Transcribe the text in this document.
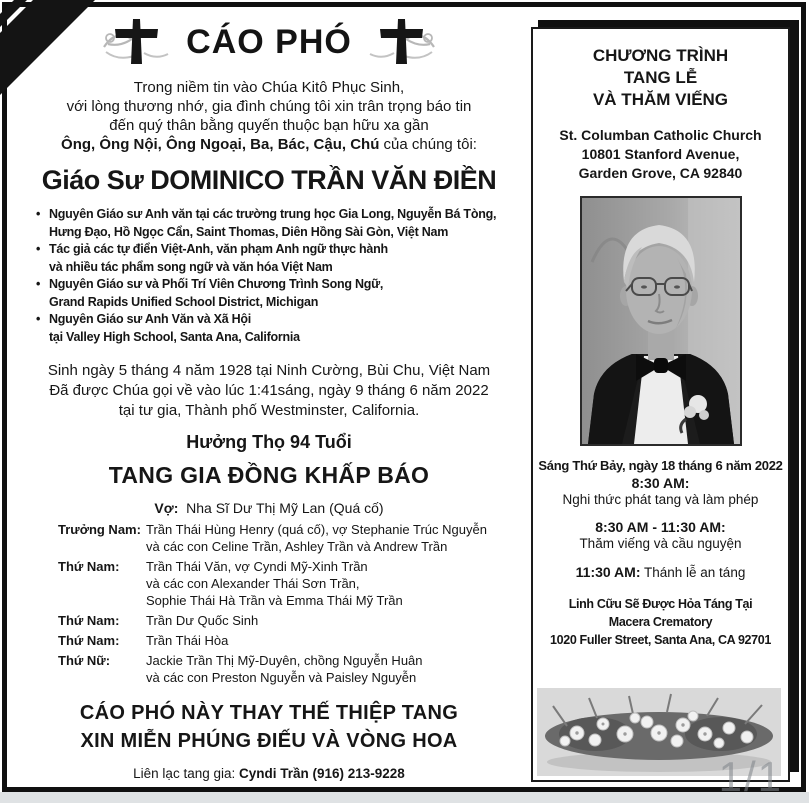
CÁO PHÓ
Trong niềm tin vào Chúa Kitô Phục Sinh,
với lòng thương nhớ, gia đình chúng tôi xin trân trọng báo tin
đến quý thân bằng quyến thuộc bạn hữu xa gần
Ông, Ông Nội, Ông Ngoại, Ba, Bác, Cậu, Chú của chúng tôi:
Giáo Sư DOMINICO TRẦN VĂN ĐIỀN
• Nguyên Giáo sư Anh văn tại các trường trung học Gia Long, Nguyễn Bá Tòng,
Hưng Đạo, Hồ Ngọc Cẩn, Saint Thomas, Diên Hồng Sài Gòn, Việt Nam
• Tác giả các tự điển Việt-Anh, văn phạm Anh ngữ thực hành
và nhiều tác phẩm song ngữ và văn hóa Việt Nam
• Nguyên Giáo sư và Phối Trí Viên Chương Trình Song Ngữ,
Grand Rapids Unified School District, Michigan
• Nguyên Giáo sư Anh Văn và Xã Hội
tại Valley High School, Santa Ana, California
Sinh ngày 5 tháng 4 năm 1928 tại Ninh Cường, Bùi Chu, Việt Nam
Đã được Chúa gọi về vào lúc 1:41sáng, ngày 9 tháng 6 năm 2022
tại tư gia, Thành phố Westminster, California.
Hưởng Thọ 94 Tuổi
TANG GIA ĐỒNG KHẤP BÁO
Vợ:  Nha Sĩ Dư Thị Mỹ Lan (Quá cố)
Trưởng Nam: Trần Thái Hùng Henry (quá cố), vợ Stephanie Trúc Nguyễn
và các con Celine Trần, Ashley Trần và Andrew Trần
Thứ Nam:	Trần Thái Văn, vợ Cyndi Mỹ-Xinh Trần
và các con Alexander Thái Sơn Trần,
Sophie Thái Hà Trần và Emma Thái Mỹ Trần
Thứ Nam:	Trần Dư Quốc Sinh
Thứ Nam:	Trần Thái Hòa
Thứ Nữ:	Jackie Trần Thị Mỹ-Duyên, chồng Nguyễn Huân
và các con Preston Nguyễn và Paisley Nguyễn
CÁO PHÓ NÀY THAY THẾ THIỆP TANG
XIN MIỄN PHÚNG ĐIẾU VÀ VÒNG HOA
Liên lạc tang gia: Cyndi Trần (916) 213-9228
CHƯƠNG TRÌNH
TANG LỄ
VÀ THĂM VIẾNG
St. Columban Catholic Church
10801 Stanford Avenue,
Garden Grove, CA 92840
Sáng Thứ Bảy, ngày 18 tháng 6 năm 2022
8:30 AM:
Nghi thức phát tang và làm phép
8:30 AM - 11:30 AM:
Thăm viếng và cầu nguyện
11:30 AM: Thánh lễ an táng
Linh Cữu Sẽ Được Hỏa Táng Tại
Macera Crematory
1020 Fuller Street, Santa Ana, CA 92701
1/1
